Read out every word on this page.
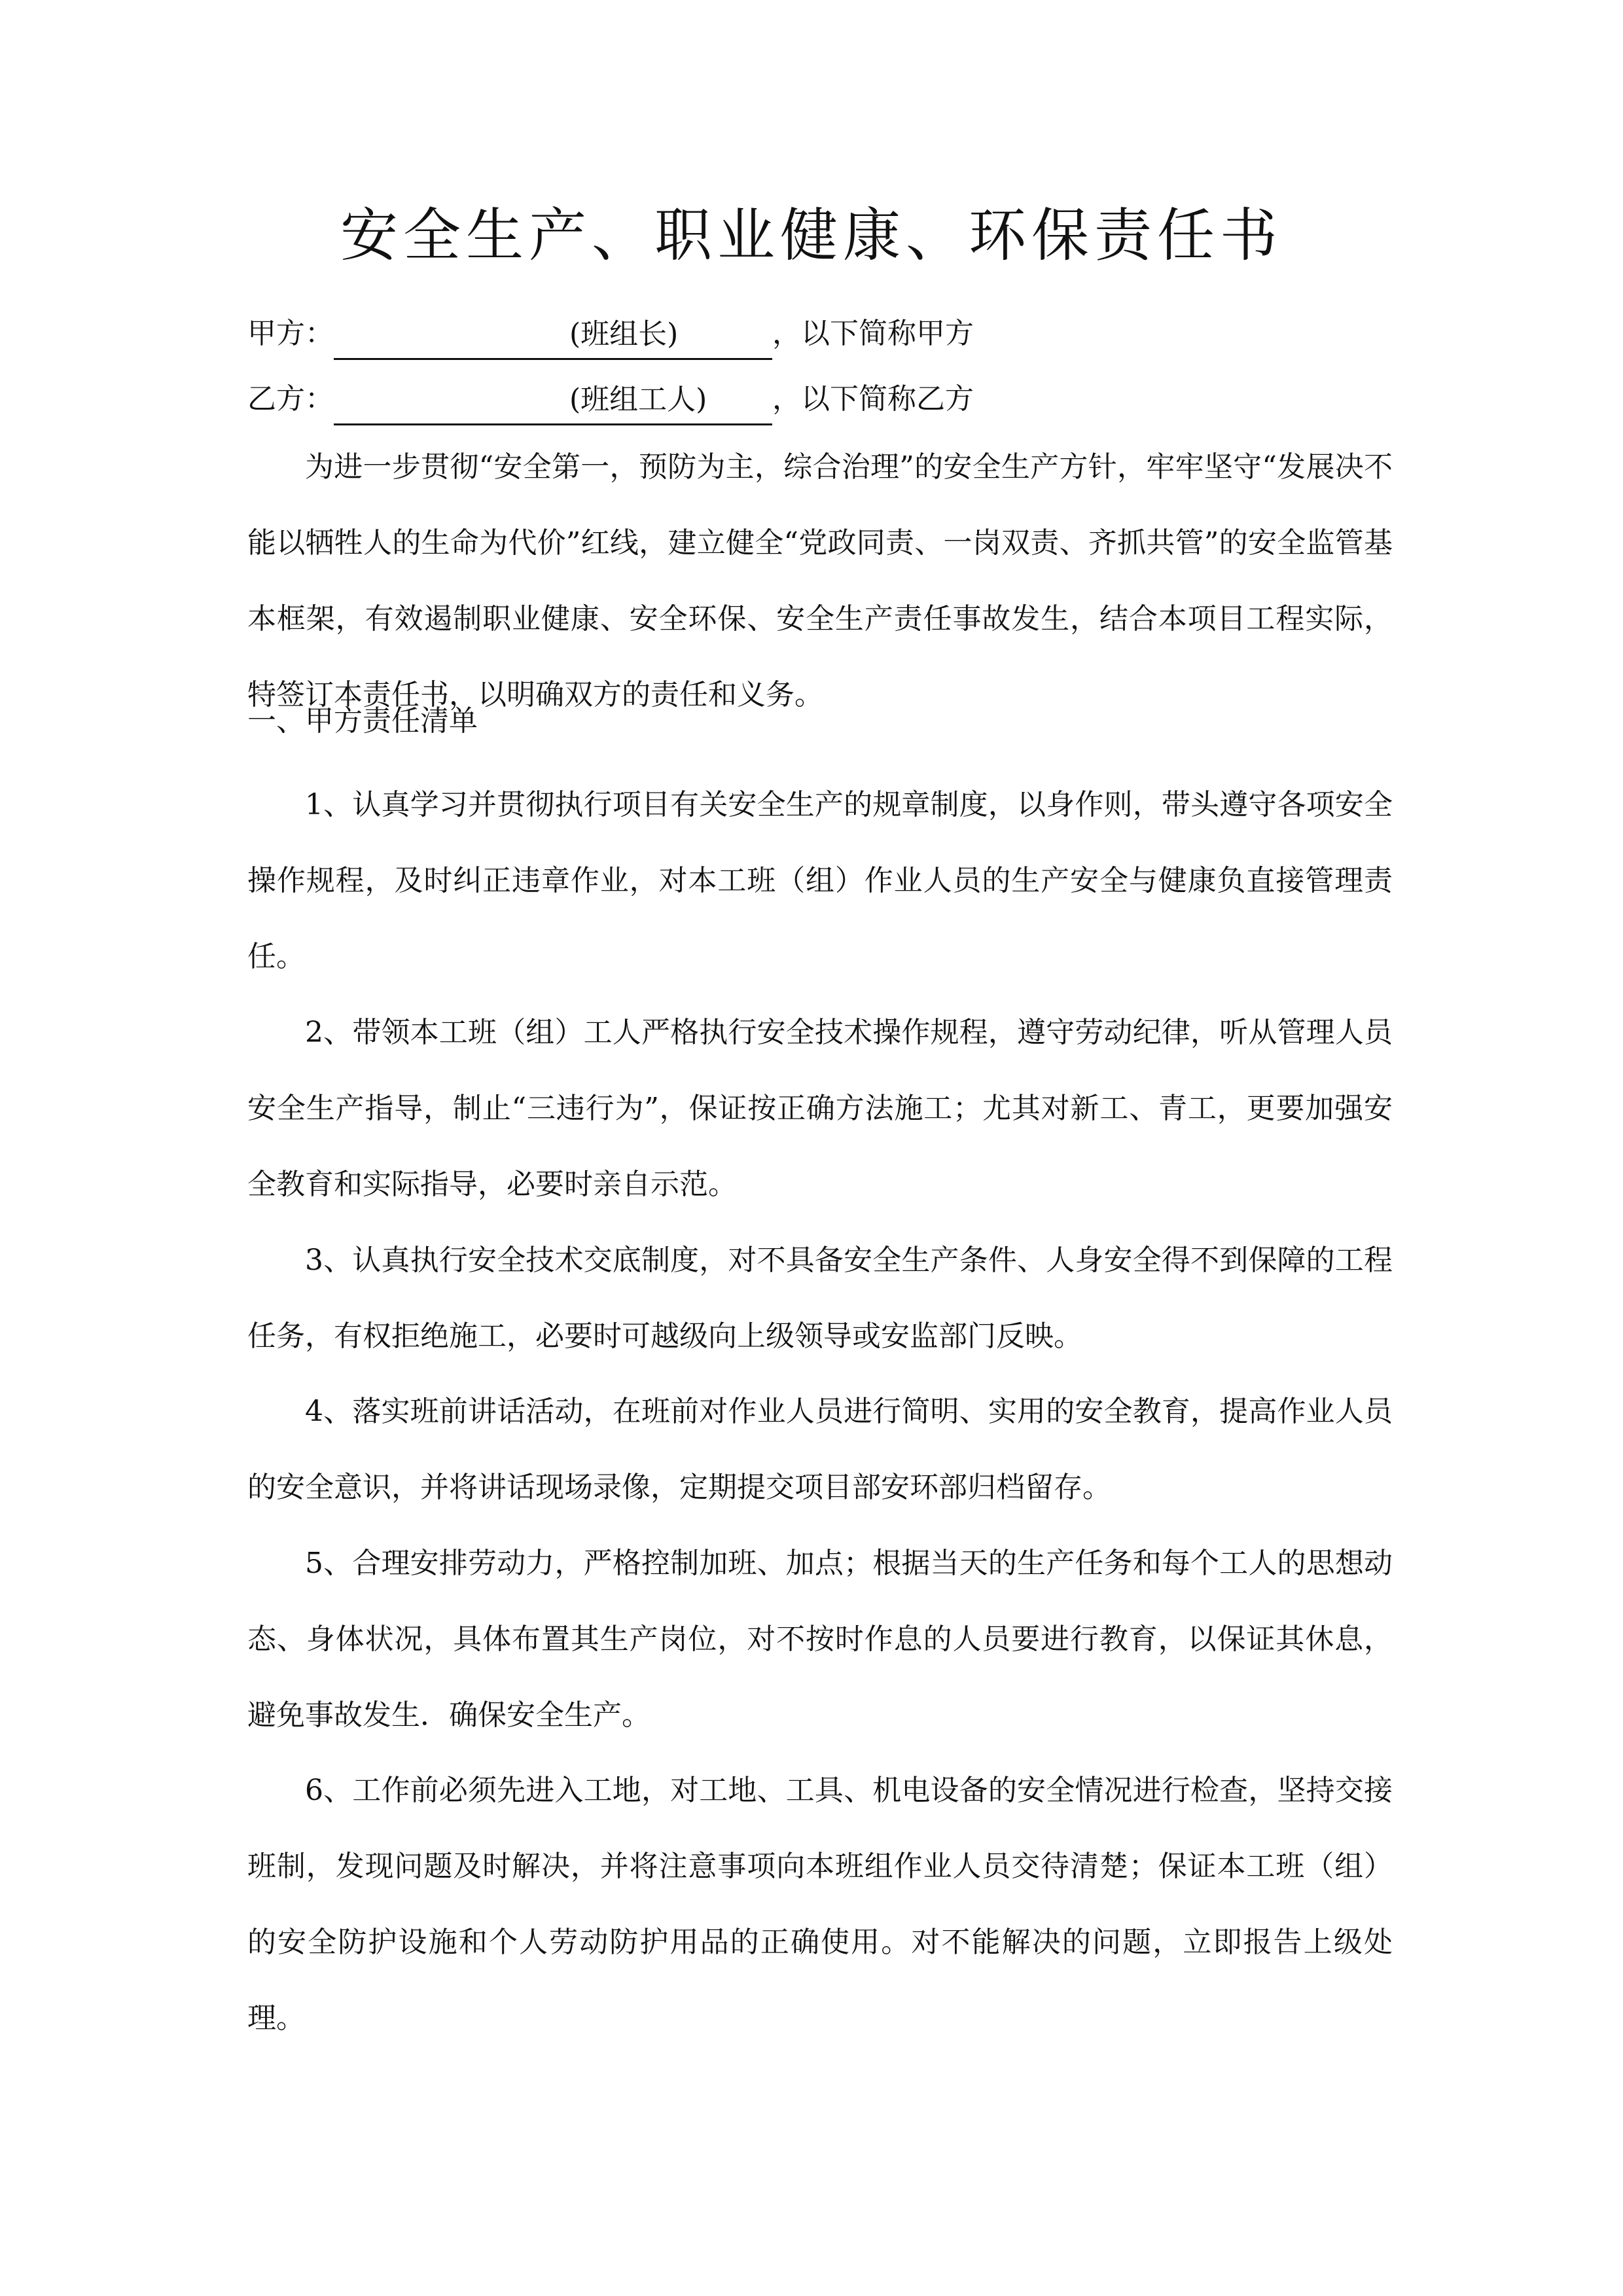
安全生产、职业健康、环保责任书
甲方：	(班组长)	，以下简称甲方
乙方：	(班组工人) ，以下简称乙方
为进一步贯彻“安全第一，预防为主，综合治理”的安全生产方针，牢牢坚守“发展决不能以牺牲人的生命为代价”红线，建立健全“党政同责、一岗双责、齐抓共管”的安全监管基本框架，有效遏制职业健康、安全环保、安全生产责任事故发生，结合本项目工程实际，特签订本责任书，以明确双方的责任和义务。
一、甲方责任清单
1、认真学习并贯彻执行项目有关安全生产的规章制度，以身作则，带头遵守各项安全操作规程，及时纠正违章作业，对本工班（组）作业人员的生产安全与健康负直接管理责任。
2、带领本工班（组）工人严格执行安全技术操作规程，遵守劳动纪律，听从管理人员安全生产指导，制止“三违行为”，保证按正确方法施工；尤其对新工、青工，更要加强安全教育和实际指导，必要时亲自示范。
3、认真执行安全技术交底制度，对不具备安全生产条件、人身安全得不到保障的工程任务，有权拒绝施工，必要时可越级向上级领导或安监部门反映。
4、落实班前讲话活动，在班前对作业人员进行简明、实用的安全教育，提高作业人员的安全意识，并将讲话现场录像，定期提交项目部安环部归档留存。
5、合理安排劳动力，严格控制加班、加点；根据当天的生产任务和每个工人的思想动态、身体状况，具体布置其生产岗位，对不按时作息的人员要进行教育，以保证其休息，避免事故发生．确保安全生产。
6、工作前必须先进入工地，对工地、工具、机电设备的安全情况进行检查，坚持交接班制，发现问题及时解决，并将注意事项向本班组作业人员交待清楚；保证本工班（组）的安全防护设施和个人劳动防护用品的正确使用。对不能解决的问题，立即报告上级处理。
